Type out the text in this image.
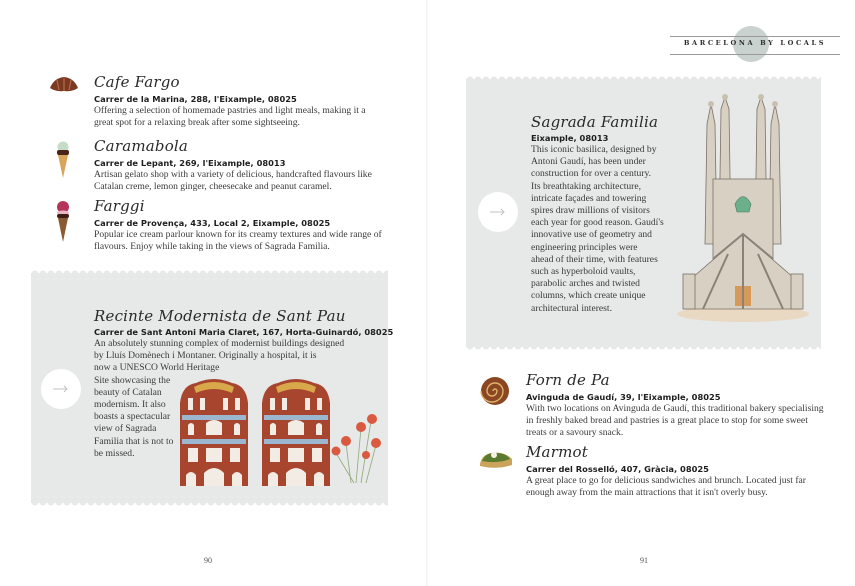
Cafe Fargo
Carrer de la Marina, 288, l'Eixample, 08025
Offering a selection of homemade pastries and light meals, making it a great spot for a relaxing break after some sightseeing.
Caramabola
Carrer de Lepant, 269, l'Eixample, 08013
Artisan gelato shop with a variety of delicious, handcrafted flavours like Catalan creme, lemon ginger, cheesecake and peanut caramel.
Farggi
Carrer de Provença, 433, Local 2, Eixample, 08025
Popular ice cream parlour known for its creamy textures and wide range of flavours. Enjoy while taking in the views of Sagrada Familia.
Recinte Modernista de Sant Pau
Carrer de Sant Antoni Maria Claret, 167, Horta-Guinardó, 08025
An absolutely stunning complex of modernist buildings designed
by Lluís Domènech i Montaner. Originally a hospital, it is
now a UNESCO World Heritage
Site showcasing the
beauty of Catalan
modernism. It also
boasts a spectacular
view of Sagrada
Familia that is not to
be missed.
BARCELONA BY LOCALS
Sagrada Familia
Eixample, 08013
This iconic basilica, designed by
Antoni Gaudí, has been under
construction for over a century.
Its breathtaking architecture,
intricate façades and towering
spires draw millions of visitors
each year for good reason. Gaudí's
innovative use of geometry and
engineering principles were
ahead of their time, with features
such as hyperboloid vaults,
parabolic arches and twisted
columns, which create unique
architectural interest.
Forn de Pa
Avinguda de Gaudí, 39, l'Eixample, 08025
With two locations on Avinguda de Gaudí, this traditional bakery specialising in freshly baked bread and pastries is a great place to stop for some sweet treats or a savoury snack.
Marmot
Carrer del Rosselló, 407, Gràcia, 08025
A great place to go for delicious sandwiches and brunch. Located just far enough away from the main attractions that it isn't overly busy.
90	91
